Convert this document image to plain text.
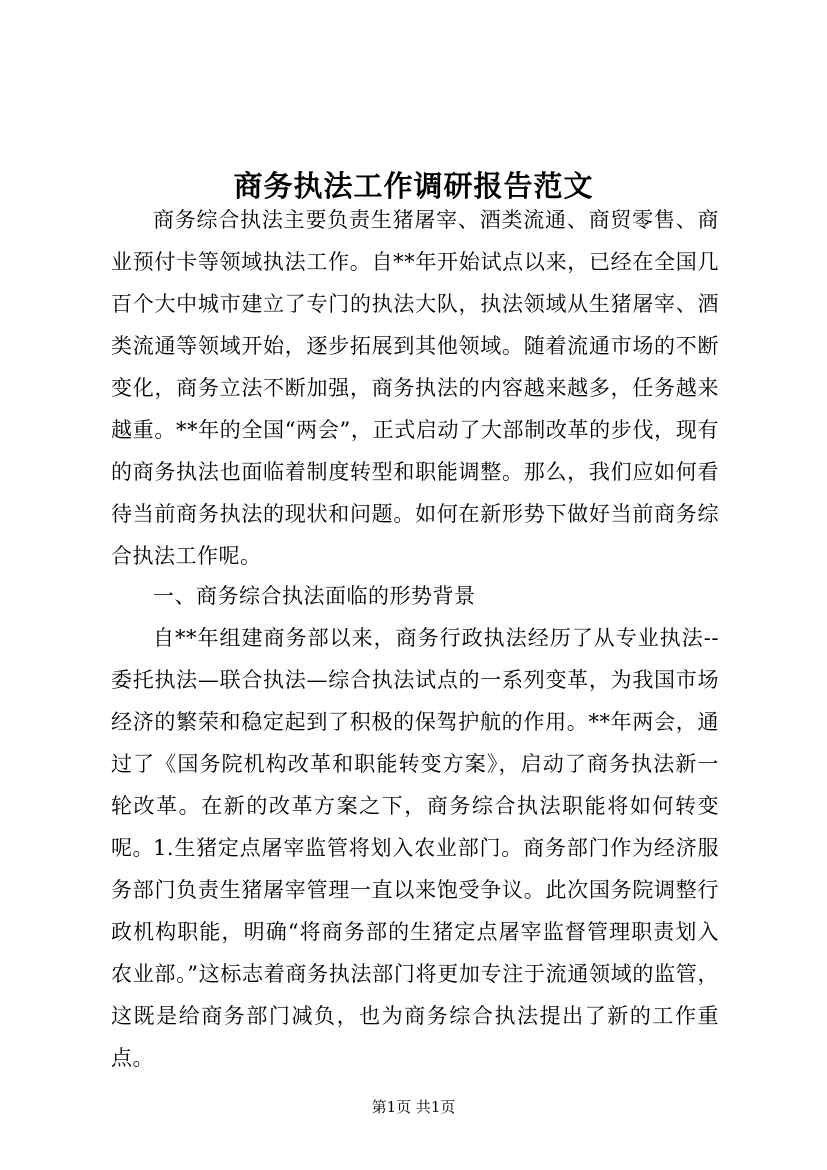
商务执法工作调研报告范文

商务综合执法主要负责生猪屠宰、酒类流通、商贸零售、商业预付卡等领域执法工作。自**年开始试点以来，已经在全国几百个大中城市建立了专门的执法大队，执法领域从生猪屠宰、酒类流通等领域开始，逐步拓展到其他领域。随着流通市场的不断变化，商务立法不断加强，商务执法的内容越来越多，任务越来越重。**年的全国“两会”，正式启动了大部制改革的步伐，现有的商务执法也面临着制度转型和职能调整。那么，我们应如何看待当前商务执法的现状和问题。如何在新形势下做好当前商务综合执法工作呢。

一、商务综合执法面临的形势背景

自**年组建商务部以来，商务行政执法经历了从专业执法--委托执法—联合执法—综合执法试点的一系列变革，为我国市场经济的繁荣和稳定起到了积极的保驾护航的作用。**年两会，通过了《国务院机构改革和职能转变方案》，启动了商务执法新一轮改革。在新的改革方案之下，商务综合执法职能将如何转变呢。 1.生猪定点屠宰监管将划入农业部门。商务部门作为经济服务部门负责生猪屠宰管理一直以来饱受争议。此次国务院调整行政机构职能，明确“将商务部的生猪定点屠宰监督管理职责划入农业部。”这标志着商务执法部门将更加专注于流通领域的监管，这既是给商务部门减负，也为商务综合执法提出了新的工作重点。

第1页 共1页
